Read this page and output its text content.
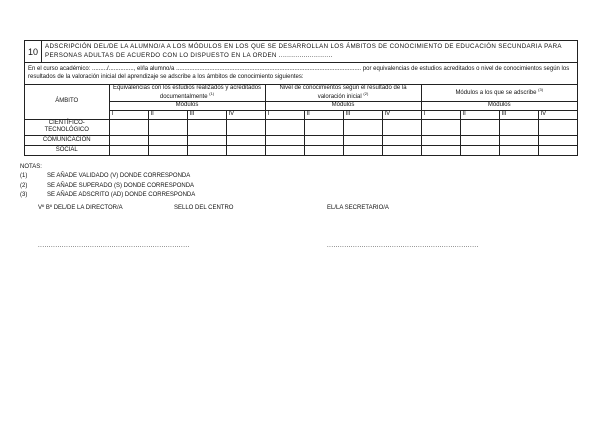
10	ADSCRIPCIÓN DEL/DE LA ALUMNO/A A LOS MÓDULOS EN LOS QUE SE DESARROLLAN LOS ÁMBITOS DE CONOCIMIENTO DE EDUCACIÓN SECUNDARIA PARA PERSONAS ADULTAS DE ACUERDO CON LO DISPUESTO EN LA ORDEN ..........................
En el curso académico: ........./..............., el/la alumno/a ............................................................................................................... por equivalencias de estudios acreditados o nivel de conocimientos según los resultados de la valoración inicial del aprendizaje se adscribe a los ámbitos de conocimiento siguientes:
ÁMBITO	Equivalencias con los estudios realizados y acreditados documentalmente $^{(1)}$				Nivel de conocimientos según el resultado de la valoración inicial $^{(2)}$				Módulos a los que se adscribe $^{(3)}$
	Módulos				Módulos				Módulos			
	I	II	III	IV	I	II	III	IV	I	II	III	IV
CIENTÍFICO-TECNOLÓGICO												
COMUNICACIÓN												
SOCIAL												
NOTAS:
(1)	SE AÑADE VALIDADO (V) DONDE CORRESPONDA
(2)	SE AÑADE SUPERADO (S) DONDE CORRESPONDA
(3)	SE AÑADE ADSCRITO (AD) DONDE CORRESPONDA
Vº Bº DEL/DE LA DIRECTOR/A	SELLO DEL CENTRO	EL/LA SECRETARIO/A
......................................................................	......................................................................
